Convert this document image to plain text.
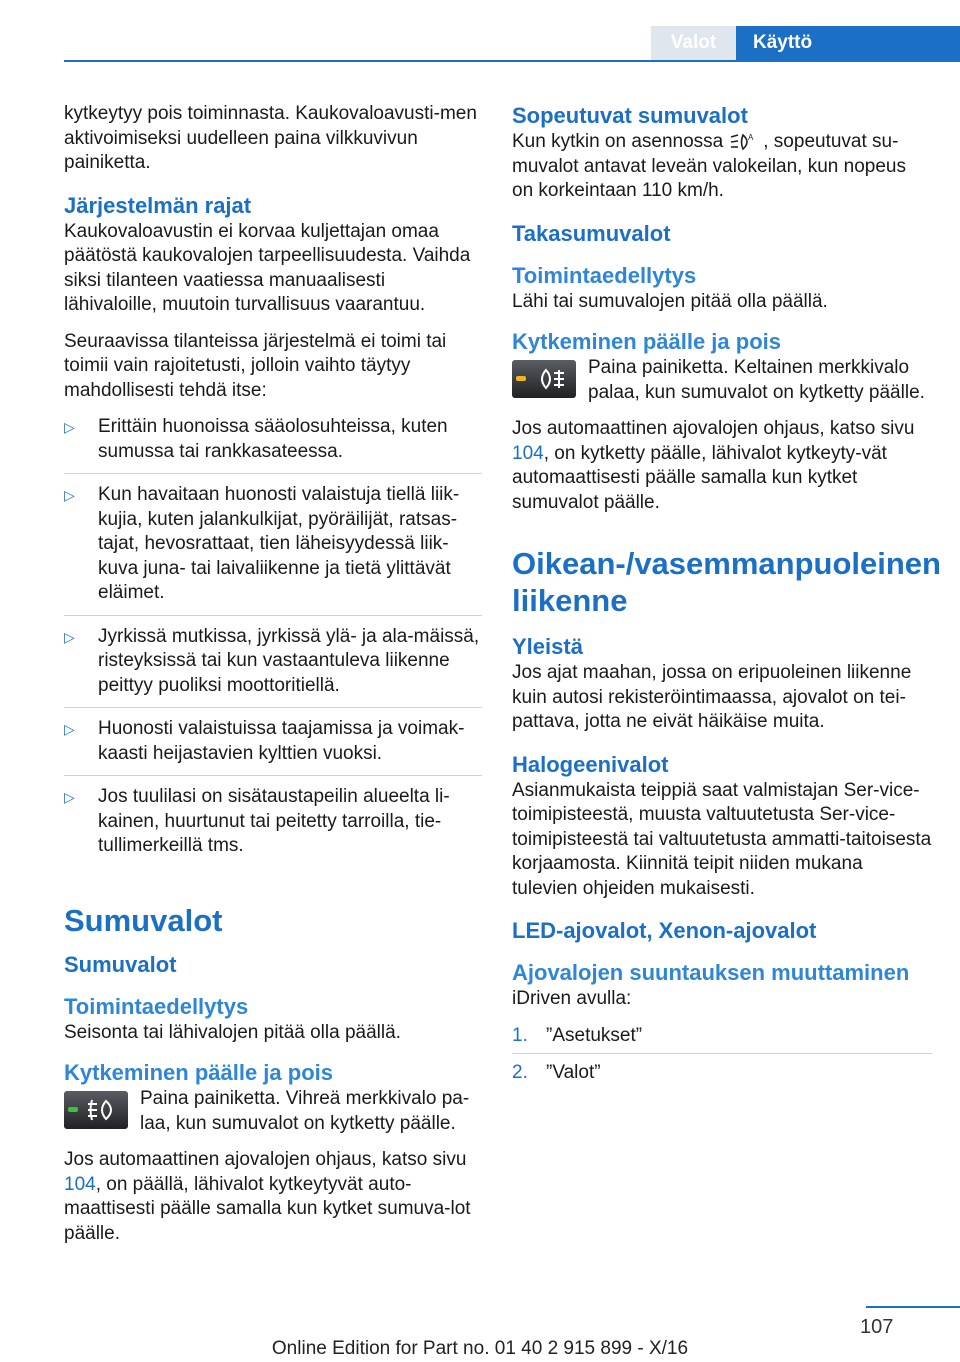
Valot	Käyttö

kytkeytyy pois toiminnasta. Kaukovaloavusti‐men aktivoimiseksi uudelleen paina vilkkuvivun painiketta.

Järjestelmän rajat

Kaukovaloavustin ei korvaa kuljettajan omaa päätöstä kaukovalojen tarpeellisuudesta. Vaihda siksi tilanteen vaatiessa manuaalisesti lähivaloille, muutoin turvallisuus vaarantuu.

Seuraavissa tilanteissa järjestelmä ei toimi tai toimii vain rajoitetusti, jolloin vaihto täytyy mahdollisesti tehdä itse:

▷ Erittäin huonoissa sääolosuhteissa, kuten sumussa tai rankkasateessa.
▷ Kun havaitaan huonosti valaistuja tiellä liik‐kujia, kuten jalankulkijat, pyöräilijät, ratsas‐tajat, hevosrattaat, tien läheisyydessä liik‐kuva juna- tai laivaliikenne ja tietä ylittävät eläimet.
▷ Jyrkissä mutkissa, jyrkissä ylä- ja ala‐mäissä, risteyksissä tai kun vastaantuleva liikenne peittyy puoliksi moottoritiellä.
▷ Huonosti valaistuissa taajamissa ja voimak‐kaasti heijastavien kylttien vuoksi.
▷ Jos tuulilasi on sisätaustapeilin alueelta li‐kainen, huurtunut tai peitetty tarroilla, tie‐tullimerkeillä tms.
Sumuvalot
Sumuvalot
Toimintaedellytys

Seisonta tai lähivalojen pitää olla päällä.

Kytkeminen päälle ja pois
Paina painiketta. Vihreä merkkivalo pa‐laa, kun sumuvalot on kytketty päälle.

Jos automaattinen ajovalojen ohjaus, katso sivu 104, on päällä, lähivalot kytkeytyvät auto‐maattisesti päälle samalla kun kytket sumuva‐lot päälle.

Sopeutuvat sumuvalot

Kun kytkin on asennossa	A , sopeutuvat su‐muvalot antavat leveän valokeilan, kun nopeus on korkeintaan 110 km/h.

Takasumuvalot
Toimintaedellytys

Lähi tai sumuvalojen pitää olla päällä.

Kytkeminen päälle ja pois
Paina painiketta. Keltainen merkkivalo palaa, kun sumuvalot on kytketty päälle.

Jos automaattinen ajovalojen ohjaus, katso sivu 104, on kytketty päälle, lähivalot kytkeyty‐vät automaattisesti päälle samalla kun kytket sumuvalot päälle.

Oikean-/vasemmanpuoleinen liikenne
Yleistä

Jos ajat maahan, jossa on eripuoleinen liikenne kuin autosi rekisteröintimaassa, ajovalot on tei‐pattava, jotta ne eivät häikäise muita.

Halogeenivalot

Asianmukaista teippiä saat valmistajan Ser‐vice-toimipisteestä, muusta valtuutetusta Ser‐vice-toimipisteestä tai valtuutetusta ammatti‐taitoisesta korjaamosta. Kiinnitä teipit niiden mukana tulevien ohjeiden mukaisesti.

LED-ajovalot, Xenon-ajovalot
Ajovalojen suuntauksen muuttaminen

iDriven avulla:

1. ”Asetukset”
2. ”Valot”
107
Online Edition for Part no. 01 40 2 915 899 - X/16
